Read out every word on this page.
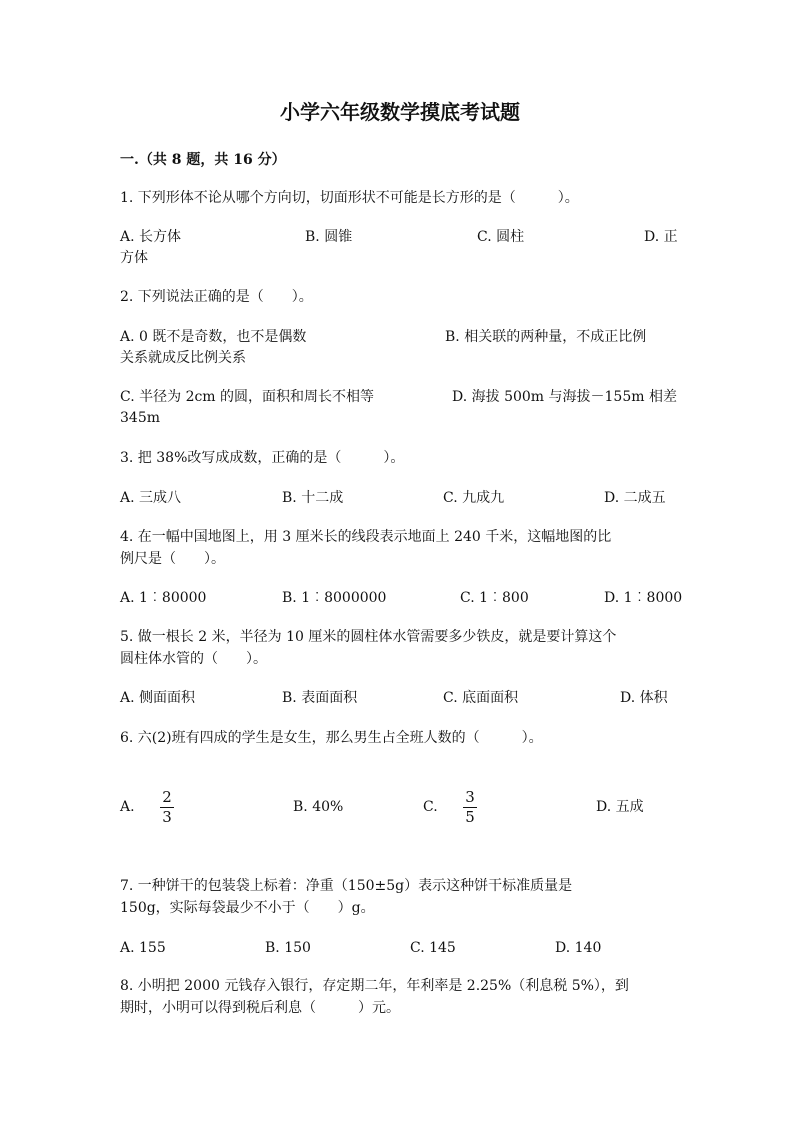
小学六年级数学摸底考试题
一.（共 8 题，共 16 分）
1. 下列形体不论从哪个方向切，切面形状不可能是长方形的是（　　　）。
A. 长方体	B. 圆锥	C. 圆柱	D. 正
方体
2. 下列说法正确的是（　　）。
A. 0 既不是奇数，也不是偶数	B. 相关联的两种量，不成正比例
关系就成反比例关系
C. 半径为 2cm 的圆，面积和周长不相等	D. 海拔 500m 与海拔－155m 相差
345m
3. 把 38%改写成成数，正确的是（　　　）。
A. 三成八	B. 十二成	C. 九成九	D. 二成五
4. 在一幅中国地图上，用 3 厘米长的线段表示地面上 240 千米，这幅地图的比
例尺是（　　）。
A. 1︰80000	B. 1︰8000000	C. 1︰800	D. 1︰8000
5. 做一根长 2 米，半径为 10 厘米的圆柱体水管需要多少铁皮，就是要计算这个
圆柱体水管的（　　）。
A. 侧面面积	B. 表面面积	C. 底面面积	D. 体积
6. 六(2)班有四成的学生是女生，那么男生占全班人数的（　　　）。
A.
2
3
B. 40%	C.
3
5
D. 五成
7. 一种饼干的包装袋上标着：净重（150±5g）表示这种饼干标准质量是
150g，实际每袋最少不小于（　　）g。
A. 155	B. 150	C. 145	D. 140
8. 小明把 2000 元钱存入银行，存定期二年，年利率是 2.25%（利息税 5%），到
期时，小明可以得到税后利息（　　　）元。
